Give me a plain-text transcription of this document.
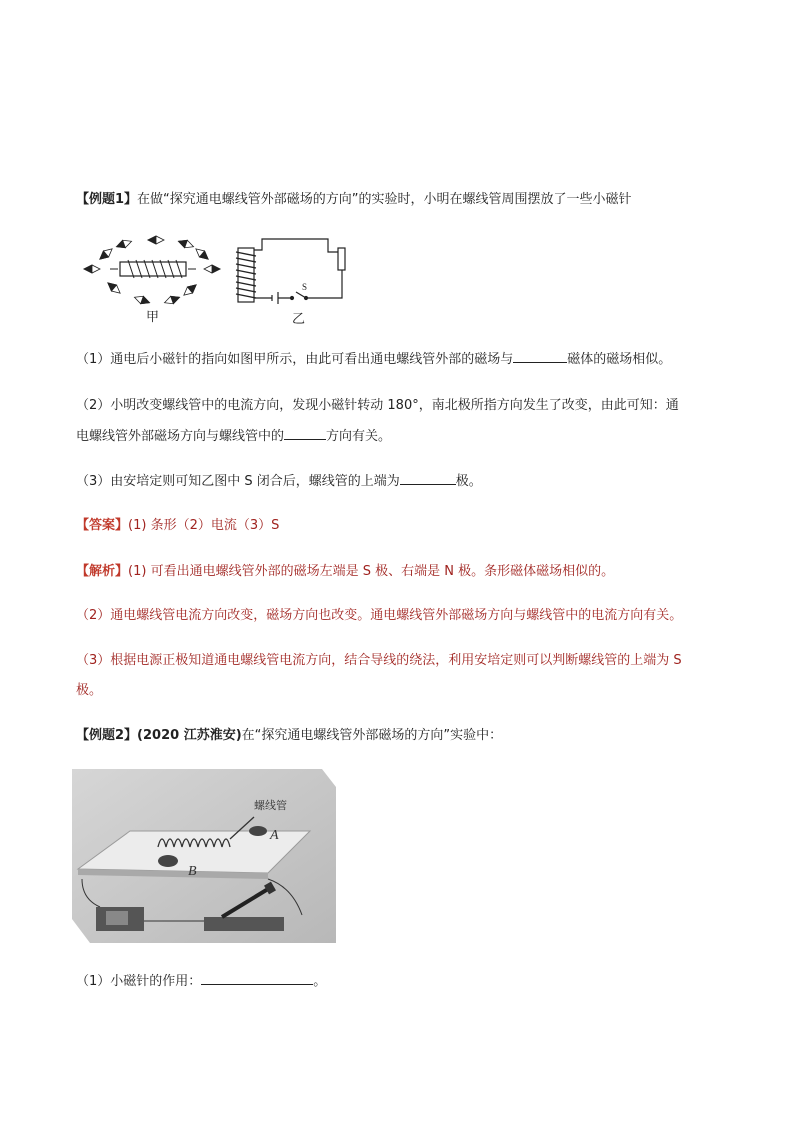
【例题1】在做“探究通电螺线管外部磁场的方向”的实验时，小明在螺线管周围摆放了一些小磁针
甲
S
乙
（1）通电后小磁针的指向如图甲所示，由此可看出通电螺线管外部的磁场与	磁体的磁场相似。
（2）小明改变螺线管中的电流方向，发现小磁针转动 180°，南北极所指方向发生了改变，由此可知：通
电螺线管外部磁场方向与螺线管中的	方向有关。
（3）由安培定则可知乙图中 S 闭合后，螺线管的上端为	极。
【答案】(1) 条形（2）电流（3）S
【解析】(1) 可看出通电螺线管外部的磁场左端是 S 极、右端是 N 极。条形磁体磁场相似的。
（2）通电螺线管电流方向改变，磁场方向也改变。通电螺线管外部磁场方向与螺线管中的电流方向有关。
（3）根据电源正极知道通电螺线管电流方向，结合导线的绕法，利用安培定则可以判断螺线管的上端为 S
极。
【例题2】(2020 江苏淮安)在“探究通电螺线管外部磁场的方向”实验中：
A
B
螺线管
（1）小磁针的作用：	。
